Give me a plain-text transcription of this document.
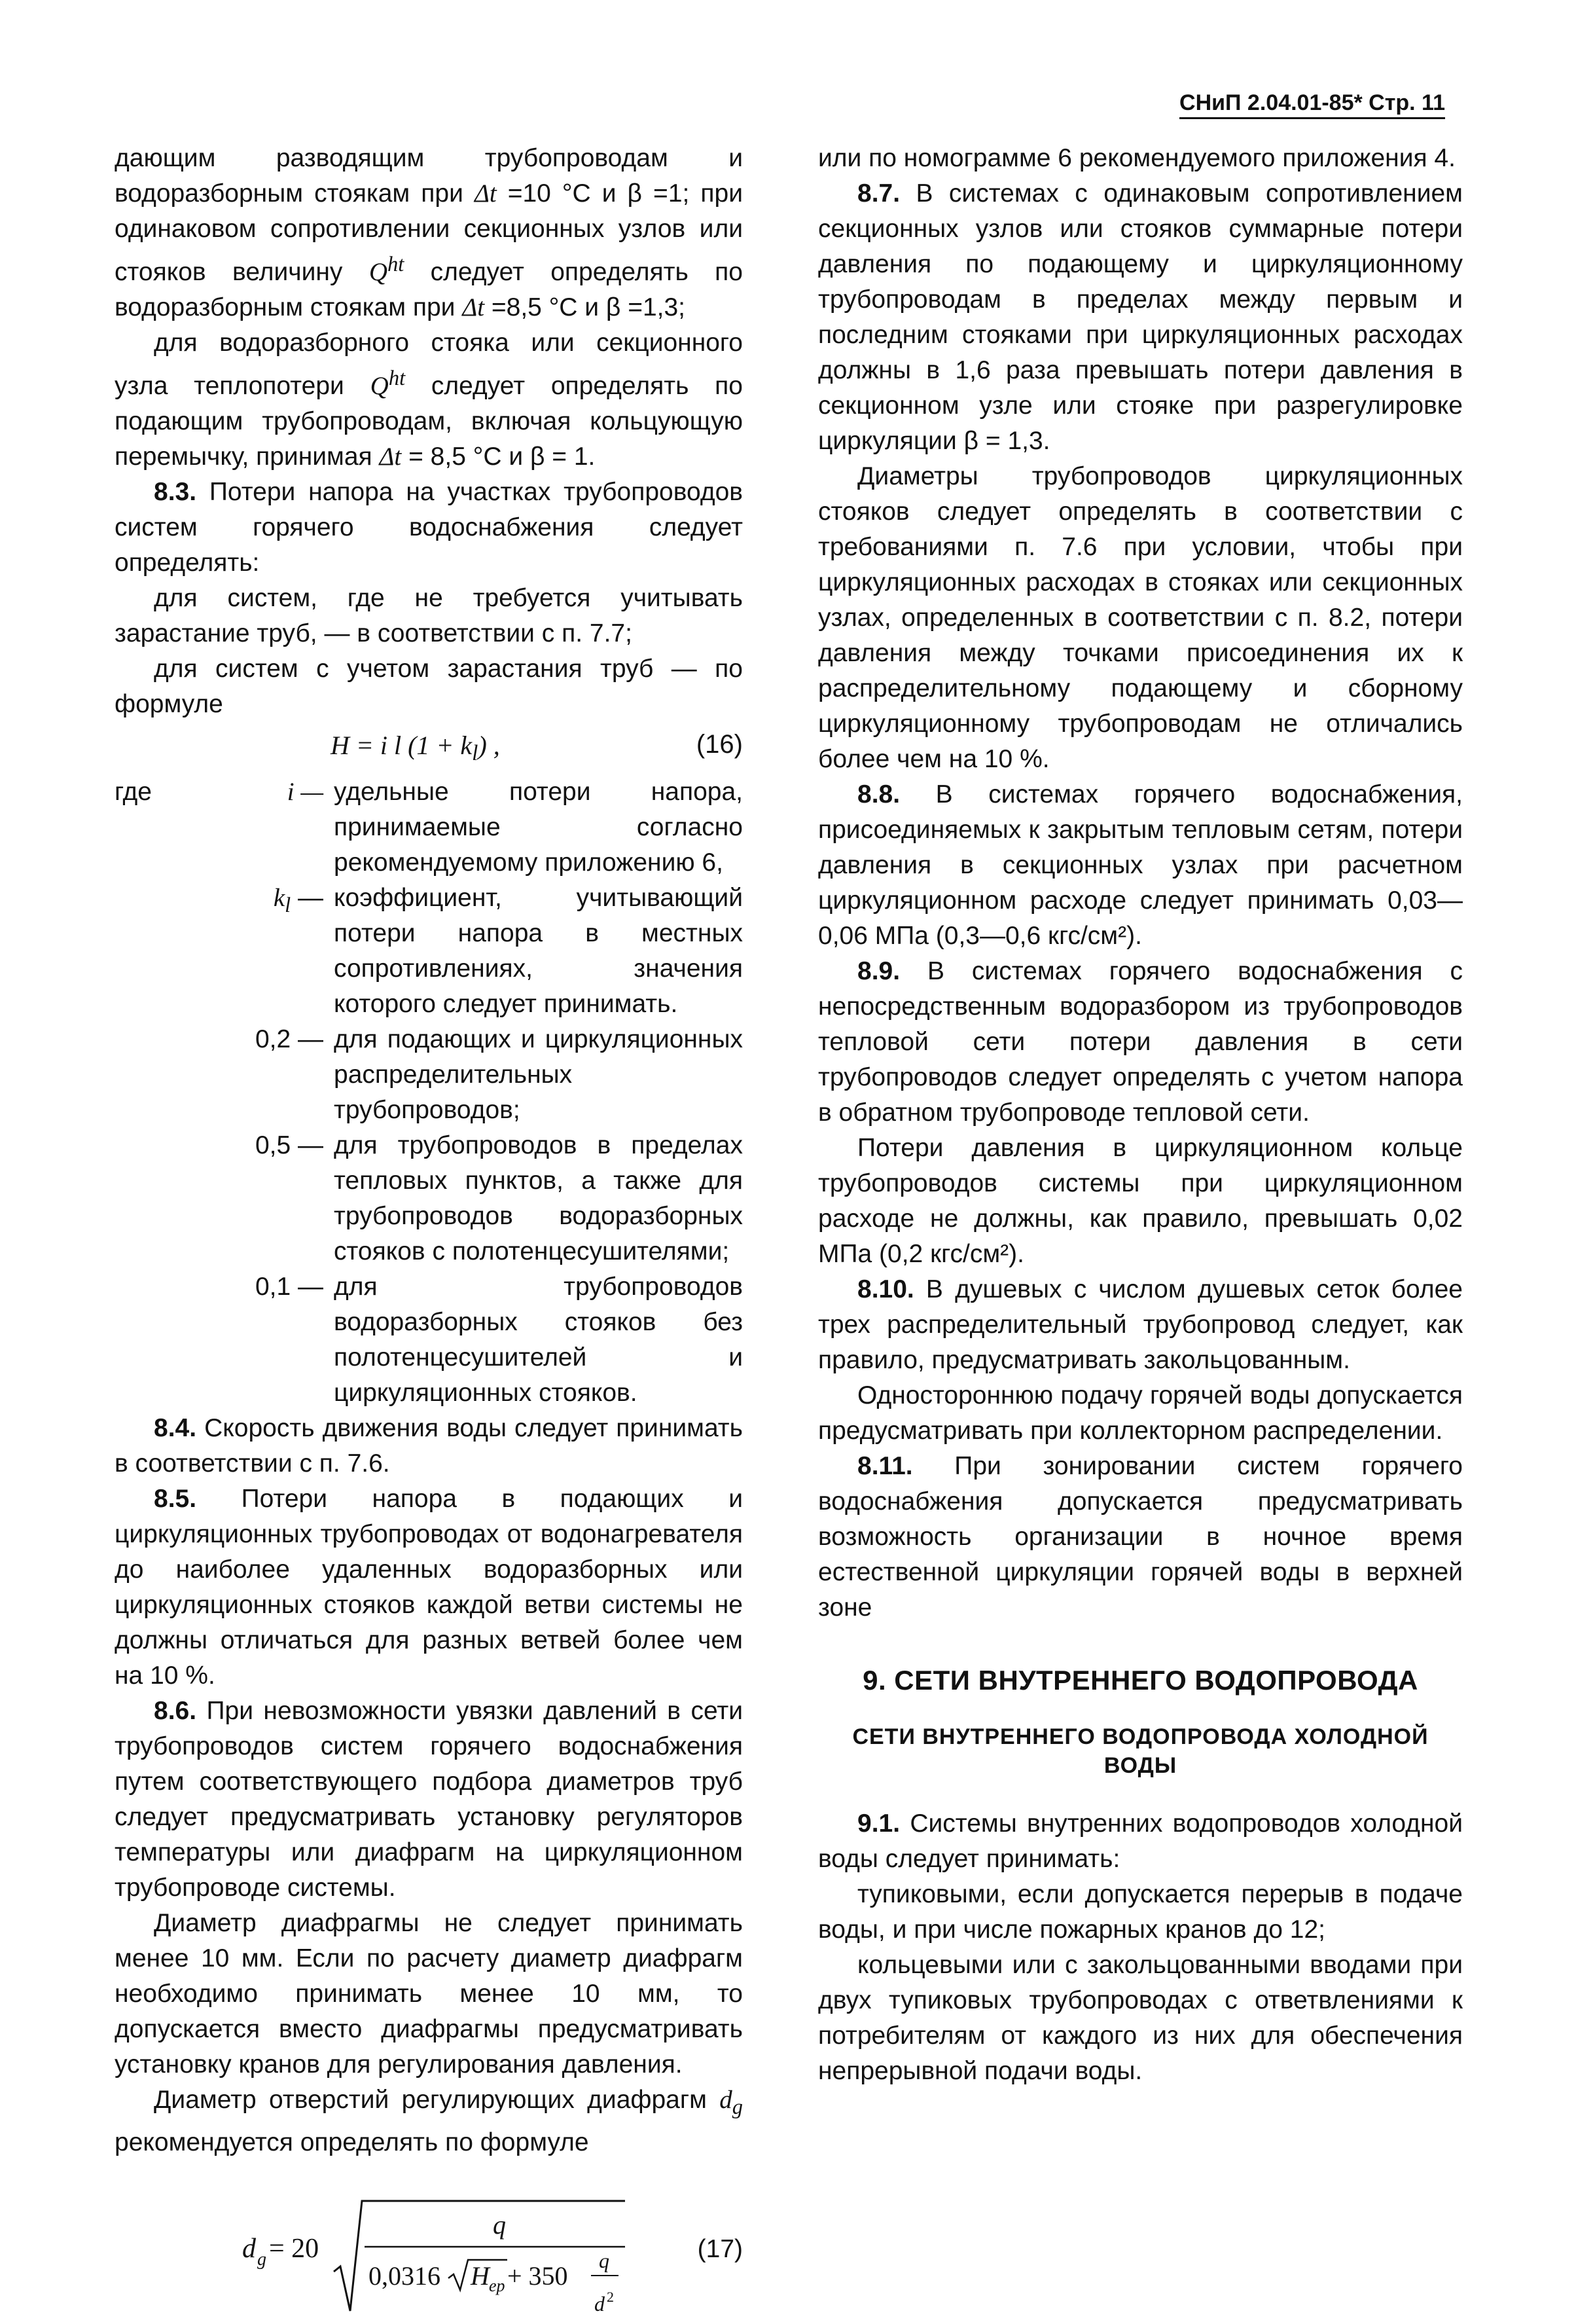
СНиП 2.04.01-85* Стр. 11

дающим разводящим трубопроводам и водоразборным стоякам при Δt =10 °С и β =1; при одинаковом сопротивлении секционных узлов или стояков величину $Q^{ht}$ следует определять по водоразборным стоякам при Δt =8,5 °С и β =1,3;

для водоразборного стояка или секционного узла теплопотери $Q^{ht}$ следует определять по подающим трубопроводам, включая кольцующую перемычку, принимая Δt = 8,5 °С и β = 1.

8.3. Потери напора на участках трубопроводов систем горячего водоснабжения следует определять:

для систем, где не требуется учитывать зарастание труб, — в соответствии с п. 7.7;

для систем с учетом зарастания труб — по формуле

H = i l $(1 + k_l)$ ,	(16)
где	i — удельные потери напора, принимаемые согласно рекомендуемому приложению 6,
$k_l$ — коэффициент, учитывающий потери напора в местных сопротивлениях, значения которого следует принимать.
0,2 — для подающих и циркуляционных распределительных трубопроводов;
0,5 — для трубопроводов в пределах тепловых пунктов, а также для трубопроводов водоразборных стояков с полотенцесушителями;
0,1 — для трубопроводов водоразборных стояков без полотенцесушителей и циркуляционных стояков.

8.4. Скорость движения воды следует принимать в соответствии с п. 7.6.

8.5. Потери напора в подающих и циркуляционных трубопроводах от водонагревателя до наиболее удаленных водоразборных или циркуляционных стояков каждой ветви системы не должны отличаться для разных ветвей более чем на 10 %.

8.6. При невозможности увязки давлений в сети трубопроводов систем горячего водоснабжения путем соответствующего подбора диаметров труб следует предусматривать установку регуляторов температуры или диафрагм на циркуляционном трубопроводе системы.

Диаметр диафрагмы не следует принимать менее 10 мм. Если по расчету диаметр диафрагм необходимо принимать менее 10 мм, то допускается вместо диафрагмы предусматривать установку кранов для регулирования давления.

Диаметр отверстий регулирующих диафрагм $d_g$ рекомендуется определять по формуле

d g = 20
q
0,0316 H ep + 350
q
d 2
(17)

или по номограмме 6 рекомендуемого приложения 4.

8.7. В системах с одинаковым сопротивлением секционных узлов или стояков суммарные потери давления по подающему и циркуляционному трубопроводам в пределах между первым и последним стояками при циркуляционных расходах должны в 1,6 раза превышать потери давления в секционном узле или стояке при разрегулировке циркуляции β = 1,3.

Диаметры трубопроводов циркуляционных стояков следует определять в соответствии с требованиями п. 7.6 при условии, чтобы при циркуляционных расходах в стояках или секционных узлах, определенных в соответствии с п. 8.2, потери давления между точками присоединения их к распределительному подающему и сборному циркуляционному трубопроводам не отличались более чем на 10 %.

8.8. В системах горячего водоснабжения, присоединяемых к закрытым тепловым сетям, потери давления в секционных узлах при расчетном циркуляционном расходе следует принимать 0,03—0,06 МПа (0,3—0,6 кгс/см²).

8.9. В системах горячего водоснабжения с непосредственным водоразбором из трубопроводов тепловой сети потери давления в сети трубопроводов следует определять с учетом напора в обратном трубопроводе тепловой сети.

Потери давления в циркуляционном кольце трубопроводов системы при циркуляционном расходе не должны, как правило, превышать 0,02 МПа (0,2 кгс/см²).

8.10. В душевых с числом душевых сеток более трех распределительный трубопровод следует, как правило, предусматривать закольцованным.

Одностороннюю подачу горячей воды допускается предусматривать при коллекторном распределении.

8.11. При зонировании систем горячего водоснабжения допускается предусматривать возможность организации в ночное время естественной циркуляции горячей воды в верхней зоне

9. СЕТИ ВНУТРЕННЕГО ВОДОПРОВОДА
СЕТИ ВНУТРЕННЕГО ВОДОПРОВОДА ХОЛОДНОЙ ВОДЫ

9.1. Системы внутренних водопроводов холодной воды следует принимать:

тупиковыми, если допускается перерыв в подаче воды, и при числе пожарных кранов до 12;

кольцевыми или с закольцованными вводами при двух тупиковых трубопроводах с ответвлениями к потребителям от каждого из них для обеспечения непрерывной подачи воды.
